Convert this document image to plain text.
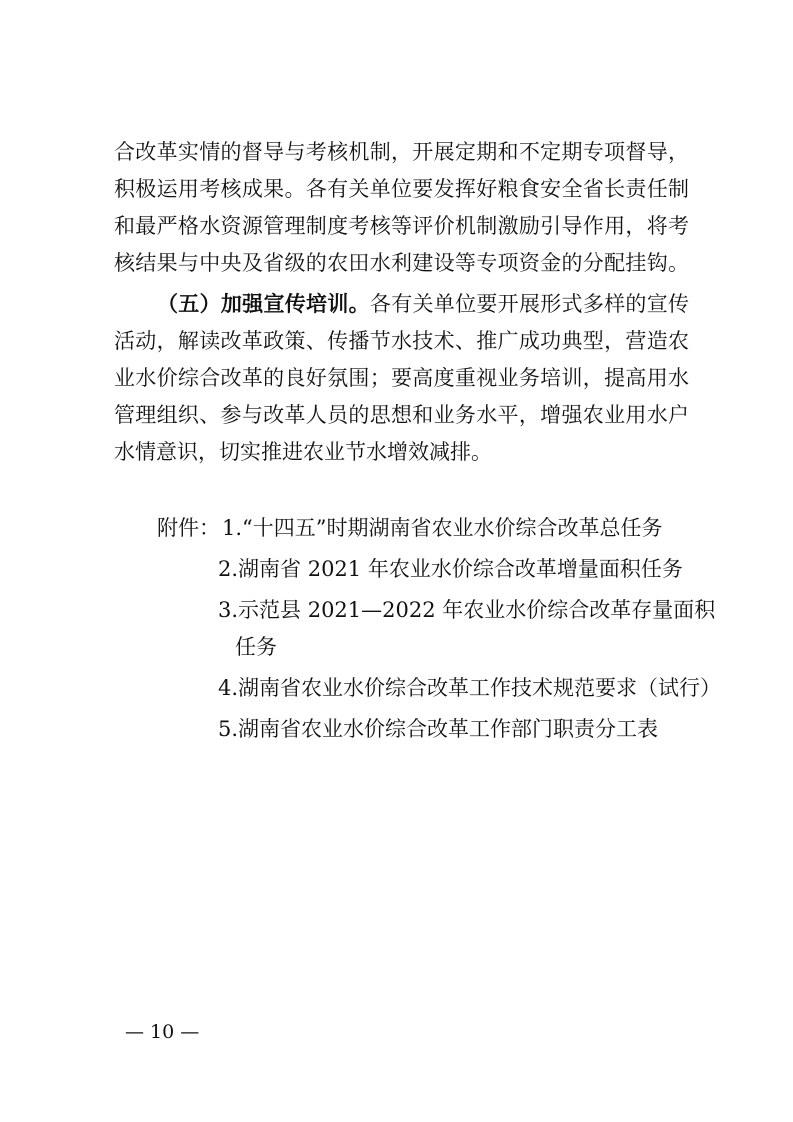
合改革实情的督导与考核机制，开展定期和不定期专项督导，
积极运用考核成果。各有关单位要发挥好粮食安全省长责任制
和最严格水资源管理制度考核等评价机制激励引导作用，将考
核结果与中央及省级的农田水利建设等专项资金的分配挂钩。
（五）加强宣传培训。各有关单位要开展形式多样的宣传
活动，解读改革政策、传播节水技术、推广成功典型，营造农
业水价综合改革的良好氛围；要高度重视业务培训，提高用水
管理组织、参与改革人员的思想和业务水平，增强农业用水户
水情意识，切实推进农业节水增效减排。
附件： 1.“十四五”时期湖南省农业水价综合改革总任务
2.湖南省 2021 年农业水价综合改革增量面积任务
3.示范县 2021—2022 年农业水价综合改革存量面积
任务
4.湖南省农业水价综合改革工作技术规范要求（试行）
5.湖南省农业水价综合改革工作部门职责分工表
— 10 —
